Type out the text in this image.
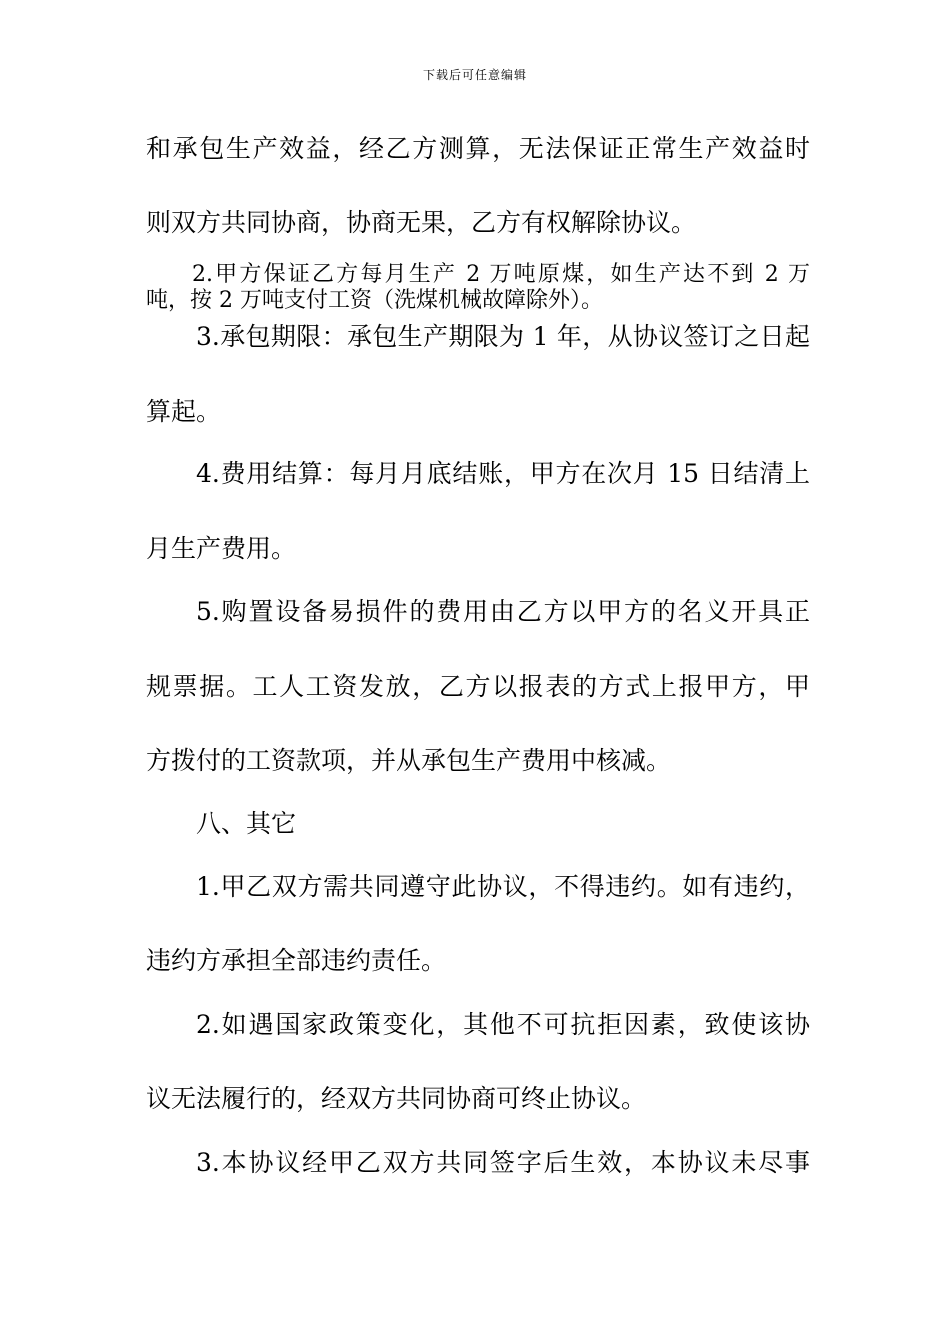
下载后可任意编辑
和承包生产效益，经乙方测算，无法保证正常生产效益时
则双方共同协商，协商无果，乙方有权解除协议。
2.甲方保证乙方每月生产 2 万吨原煤，如生产达不到 2 万
吨，按 2 万吨支付工资（洗煤机械故障除外）。
3.承包期限：承包生产期限为 1 年，从协议签订之日起
算起。
4.费用结算：每月月底结账，甲方在次月 15 日结清上
月生产费用。
5.购置设备易损件的费用由乙方以甲方的名义开具正
规票据。工人工资发放，乙方以报表的方式上报甲方，甲
方拨付的工资款项，并从承包生产费用中核减。
八、其它
1.甲乙双方需共同遵守此协议，不得违约。如有违约，
违约方承担全部违约责任。
2.如遇国家政策变化，其他不可抗拒因素，致使该协
议无法履行的，经双方共同协商可终止协议。
3.本协议经甲乙双方共同签字后生效，本协议未尽事
